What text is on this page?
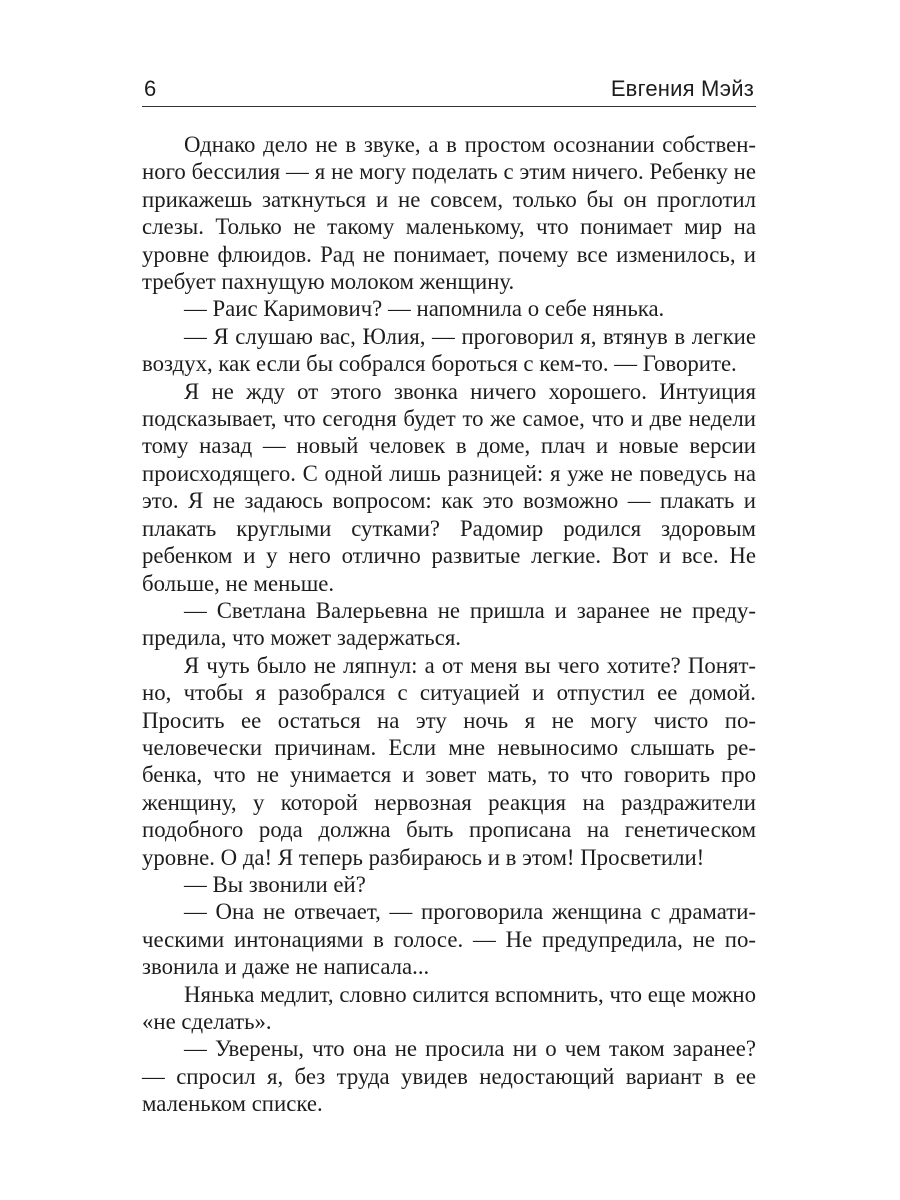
6	Евгения Мэйз

Однако дело не в звуке, а в простом осознании собственного бессилия — я не могу поделать с этим ничего. Ребенку не прикажешь заткнуться и не совсем, только бы он проглотил слезы. Только не такому маленькому, что понимает мир на уровне флюидов. Рад не понимает, почему все изменилось, и требует пахнущую молоком женщину.

— Раис Каримович? — напомнила о себе нянька.

— Я слушаю вас, Юлия, — проговорил я, втянув в легкие воздух, как если бы собрался бороться с кем-то. — Говорите.

Я не жду от этого звонка ничего хорошего. Интуиция подсказывает, что сегодня будет то же самое, что и две недели тому назад — новый человек в доме, плач и новые версии происходящего. С одной лишь разницей: я уже не поведусь на это. Я не задаюсь вопросом: как это возможно — плакать и плакать круглыми сутками? Радомир родился здоровым ребенком и у него отлично развитые легкие. Вот и все. Не больше, не меньше.

— Светлана Валерьевна не пришла и заранее не предупредила, что может задержаться.

Я чуть было не ляпнул: а от меня вы чего хотите? Понятно, чтобы я разобрался с ситуацией и отпустил ее домой. Просить ее остаться на эту ночь я не могу чисто по-человечески причинам. Если мне невыносимо слышать ребенка, что не унимается и зовет мать, то что говорить про женщину, у которой нервозная реакция на раздражители подобного рода должна быть прописана на генетическом уровне. О да! Я теперь разбираюсь и в этом! Просветили!

— Вы звонили ей?

— Она не отвечает, — проговорила женщина с драматическими интонациями в голосе. — Не предупредила, не позвонила и даже не написала...

Нянька медлит, словно силится вспомнить, что еще можно «не сделать».

— Уверены, что она не просила ни о чем таком заранее? — спросил я, без труда увидев недостающий вариант в ее маленьком списке.
